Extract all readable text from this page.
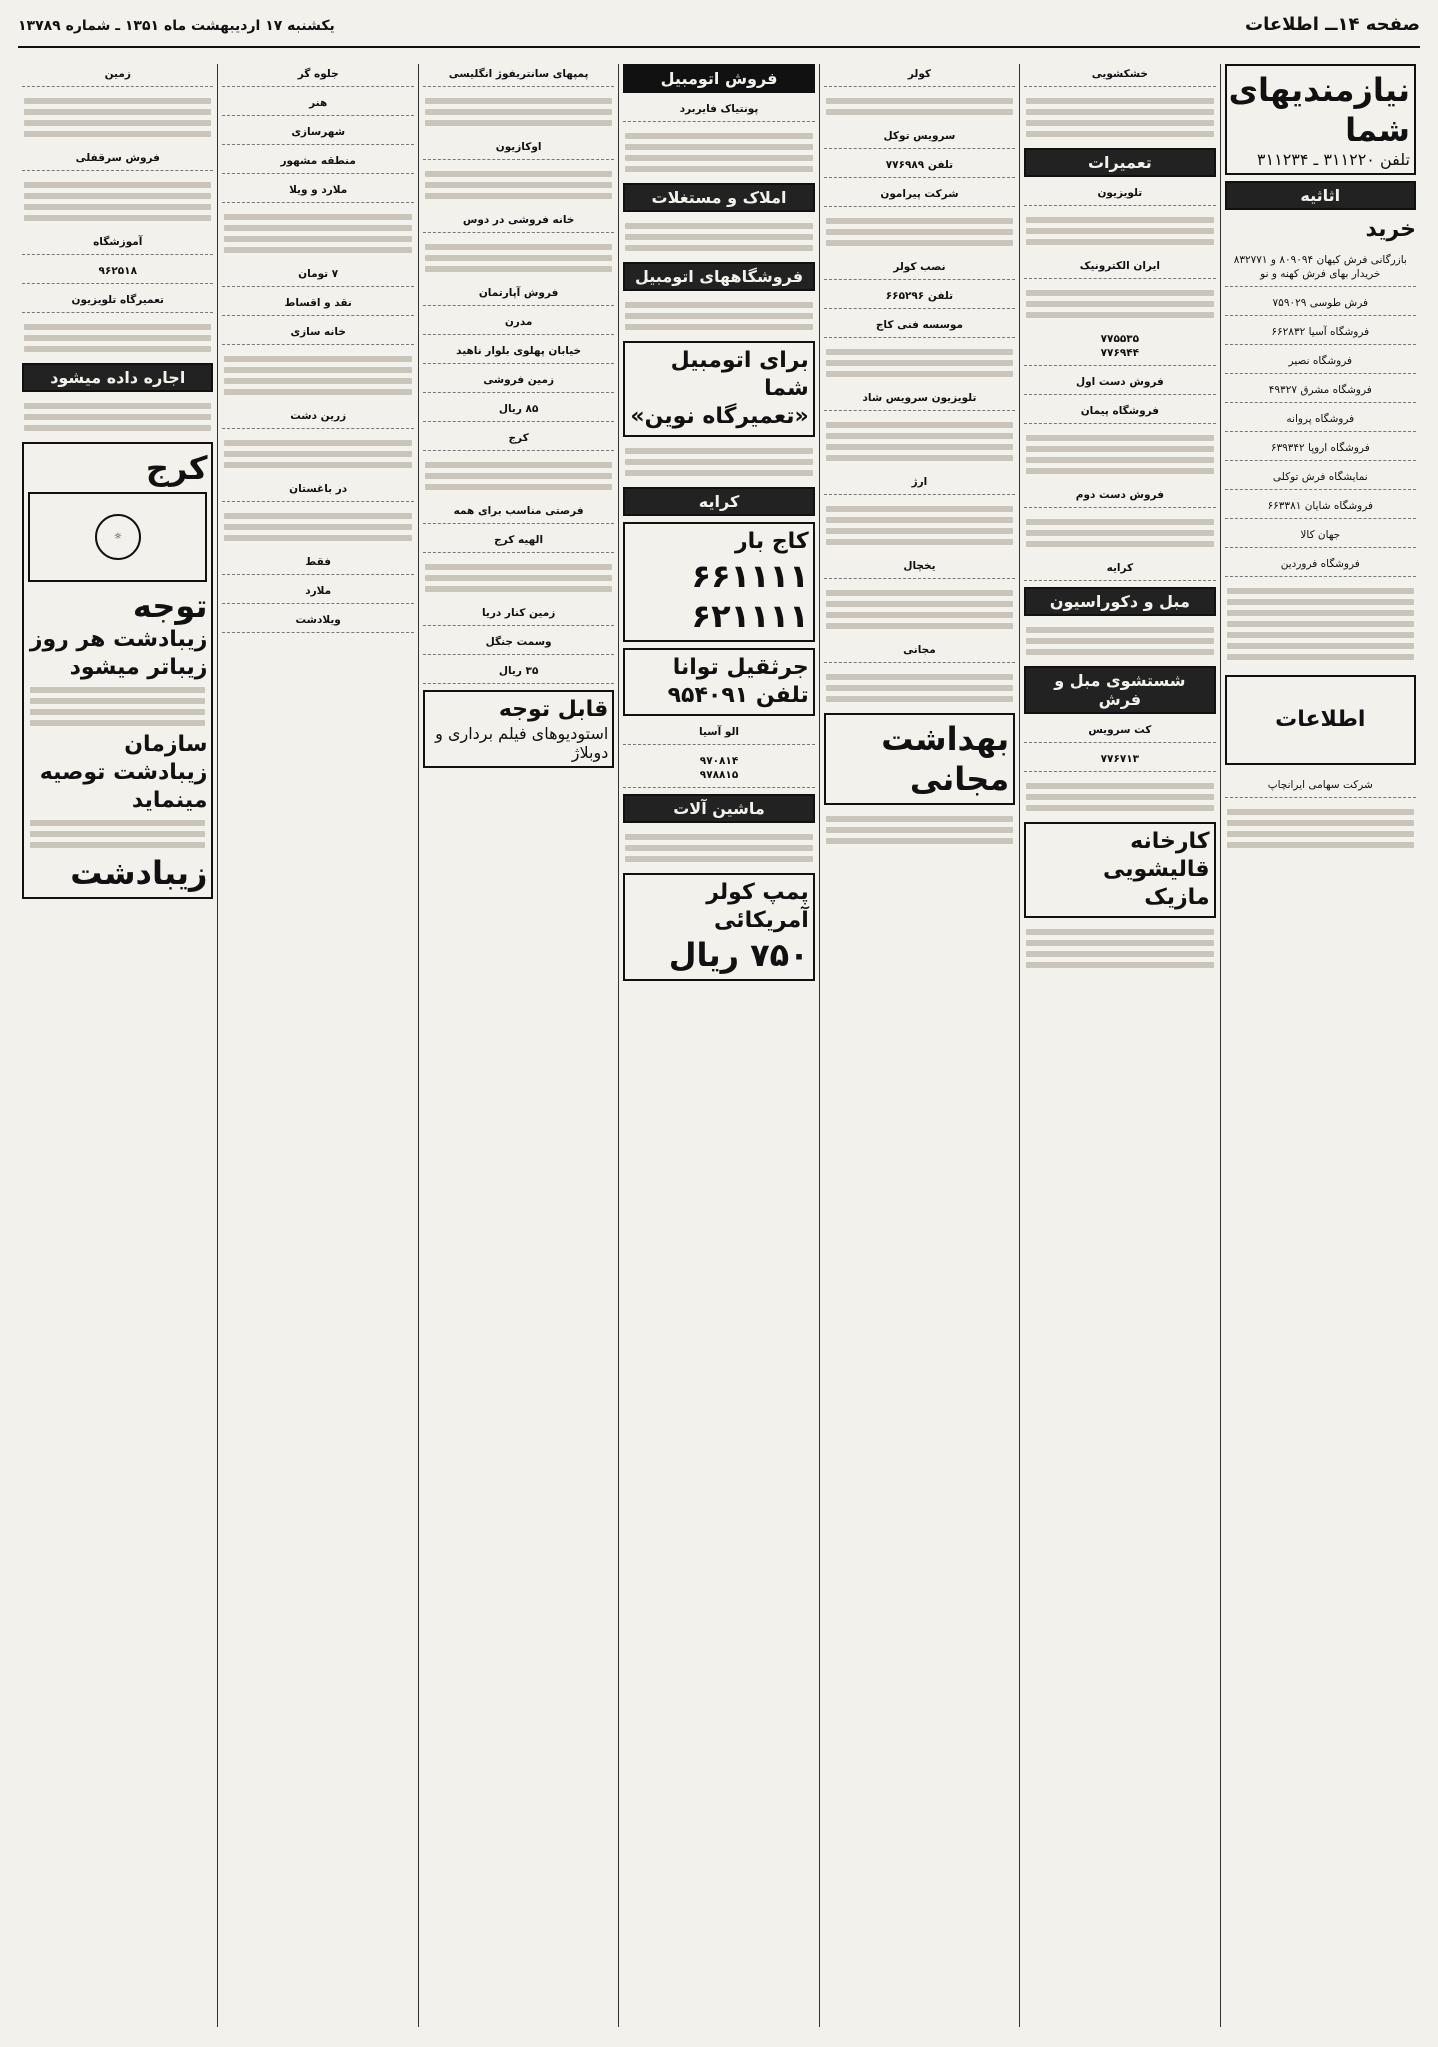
صفحه ۱۴ــ اطلاعات
یکشنبه ۱۷ اردیبهشت ماه ۱۳۵۱ ـ شماره ۱۳۷۸۹
نیازمندیهای شما
تلفن ۳۱۱۲۲۰ ـ ۳۱۱۲۳۴
اثاثیه
خرید

بازرگانی فرش کیهان ۸۰۹۰۹۴ و ۸۳۲۷۷۱ خریدار بهای فرش کهنه و نو

فرش طوسی ۷۵۹۰۲۹

فروشگاه آسیا ۶۶۲۸۳۲

فروشگاه نصیر

فروشگاه مشرق ۴۹۳۲۷

فروشگاه پروانه

فروشگاه اروپا ۶۳۹۳۴۲

نمایشگاه فرش توکلی

فروشگاه شایان ۶۶۳۳۸۱

جهان کالا

فروشگاه فروردین

اطلاعات

شرکت سهامی ایرانچاپ

خشکشویی

تعمیرات

تلویزیون

ایران الکترونیک

۷۷۵۵۳۵

۷۷۶۹۴۴

فروش دست اول

فروشگاه پیمان

فروش دست دوم

کرایه

مبل و دکوراسیون
شستشوی مبل و فرش

کت سرویس

۷۷۶۷۱۳

کارخانه قالیشویی مازیک

کولر

سرویس توکل

تلفن ۷۷۶۹۸۹

شرکت پیرامون

نصب کولر

تلفن ۶۶۵۲۹۶

موسسه فنی کاج

تلویزیون سرویس شاد

ارژ

یخچال

مجانی

بهداشت مجانی

فروش اتومبیل

پونتیاک فایربرد

املاک و مستغلات
فروشگاههای اتومبیل

برای اتومبیل شما

«تعمیرگاه نوین»

کرایه

کاج بار

۶۶۱۱۱۱

۶۲۱۱۱۱

جرثقیل توانا

تلفن ۹۵۴۰۹۱

الو آسیا

۹۷۰۸۱۴

۹۷۸۸۱۵

ماشین آلات

پمپ کولر آمریکائی

۷۵۰ ریال

پمپهای سانتریفوژ انگلیسی

اوکازیون

خانه فروشی در دوس

فروش آپارتمان

مدرن

خیابان پهلوی بلوار ناهید

زمین فروشی

۸۵ ریال

کرج

فرصتی مناسب برای همه

الهیه کرج

زمین کنار دریا

وسمت جنگل

۳۵ ریال

قابل توجه

استودیوهای فیلم برداری و دوبلاژ

جلوه گر

هنر

شهرسازی

منطقه مشهور

ملارد و ویلا

۷ تومان

نقد و اقساط

خانه سازی

زرین دشت

در باغستان

فقط

ملارد

ویلادشت

زمین

فروش سرقفلی

آموزشگاه

۹۶۲۵۱۸

تعمیرگاه تلویزیون

اجاره داده میشود

کرج

☼

توجه

زیبادشت هر روز زیباتر میشود

سازمان زیبادشت توصیه مینماید

زیبادشت
